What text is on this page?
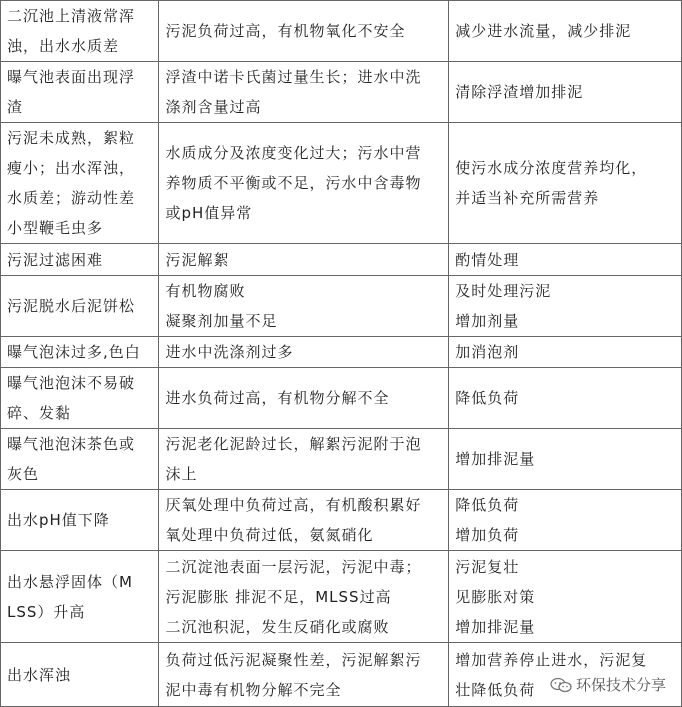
二沉池上清液常浑
浊，出水水质差	污泥负荷过高，有机物氧化不安全	减少进水流量，减少排泥

曝气池表面出现浮
渣	浮渣中诺卡氏菌过量生长；进水中洗
涤剂含量过高	清除浮渣增加排泥

污泥未成熟，絮粒
瘦小；出水浑浊，
水质差；游动性差
小型鞭毛虫多	水质成分及浓度变化过大；污水中营
养物质不平衡或不足，污水中含毒物
或pH值异常	使污水成分浓度营养均化，
并适当补充所需营养

污泥过滤困难	污泥解絮	酌情处理

污泥脱水后泥饼松	有机物腐败
凝聚剂加量不足	及时处理污泥
增加剂量

曝气泡沫过多,色白	进水中洗涤剂过多	加消泡剂

曝气池泡沫不易破
碎、发黏	进水负荷过高，有机物分解不全	降低负荷

曝气池泡沫茶色或
灰色	污泥老化泥龄过长，解絮污泥附于泡
沫上	增加排泥量

出水pH值下降	厌氧处理中负荷过高，有机酸积累好
氧处理中负荷过低，氨氮硝化	降低负荷
增加负荷

出水悬浮固体（M
LSS）升高	二沉淀池表面一层污泥，污泥中毒；
污泥膨胀 排泥不足，MLSS过高
二沉池积泥，发生反硝化或腐败	污泥复壮
见膨胀对策
增加排泥量

出水浑浊	负荷过低污泥凝聚性差，污泥解絮污
泥中毒有机物分解不完全	增加营养停止进水，污泥复
壮降低负荷	环保技术分享
